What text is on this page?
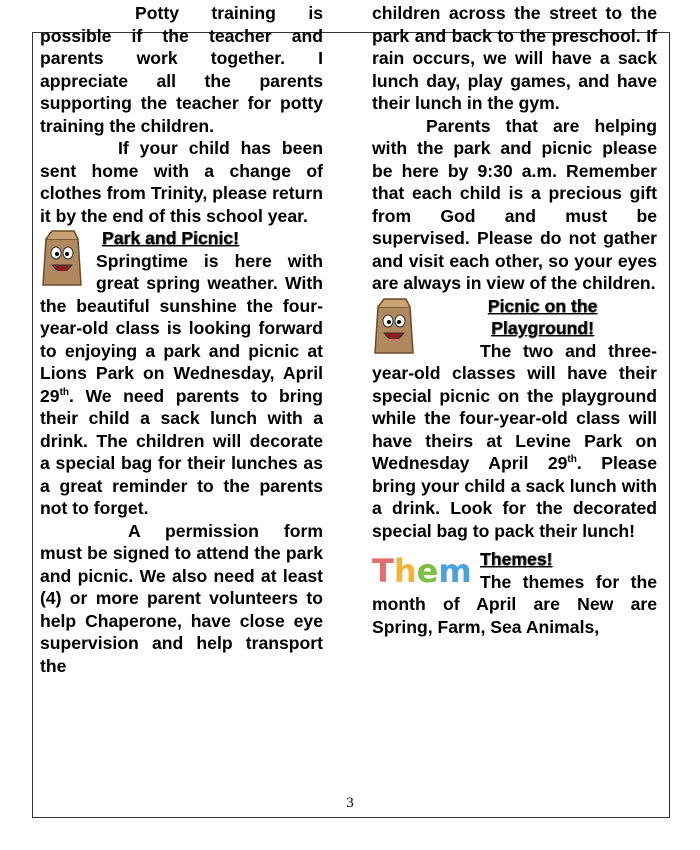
Potty training is possible if the teacher and parents work together. I appreciate all the parents supporting the teacher for potty training the children.

If your child has been sent home with a change of clothes from Trinity, please return it by the end of this school year.

Park and Picnic!

Springtime is here with great spring weather. With the beautiful sunshine the four-year-old class is looking forward to enjoying a park and picnic at Lions Park on Wednesday, April 29th. We need parents to bring their child a sack lunch with a drink. The children will decorate a special bag for their lunches as a great reminder to the parents not to forget.

A permission form must be signed to attend the park and picnic. We also need at least (4) or more parent volunteers to help Chaperone, have close eye supervision and help transport the

children across the street to the park and back to the preschool. If rain occurs, we will have a sack lunch day, play games, and have their lunch in the gym.

Parents that are helping with the park and picnic please be here by 9:30 a.m. Remember that each child is a precious gift from God and must be supervised. Please do not gather and visit each other, so your eyes are always in view of the children.

Picnic on the
Playground!

The two and three-year-old classes will have their special picnic on the playground while the four-year-old class will have theirs at Levine Park on Wednesday April 29th. Please bring your child a sack lunch with a drink. Look for the decorated special bag to pack their lunch!

Them Themes!

The themes for the month of April are New are Spring, Farm, Sea Animals,

3
